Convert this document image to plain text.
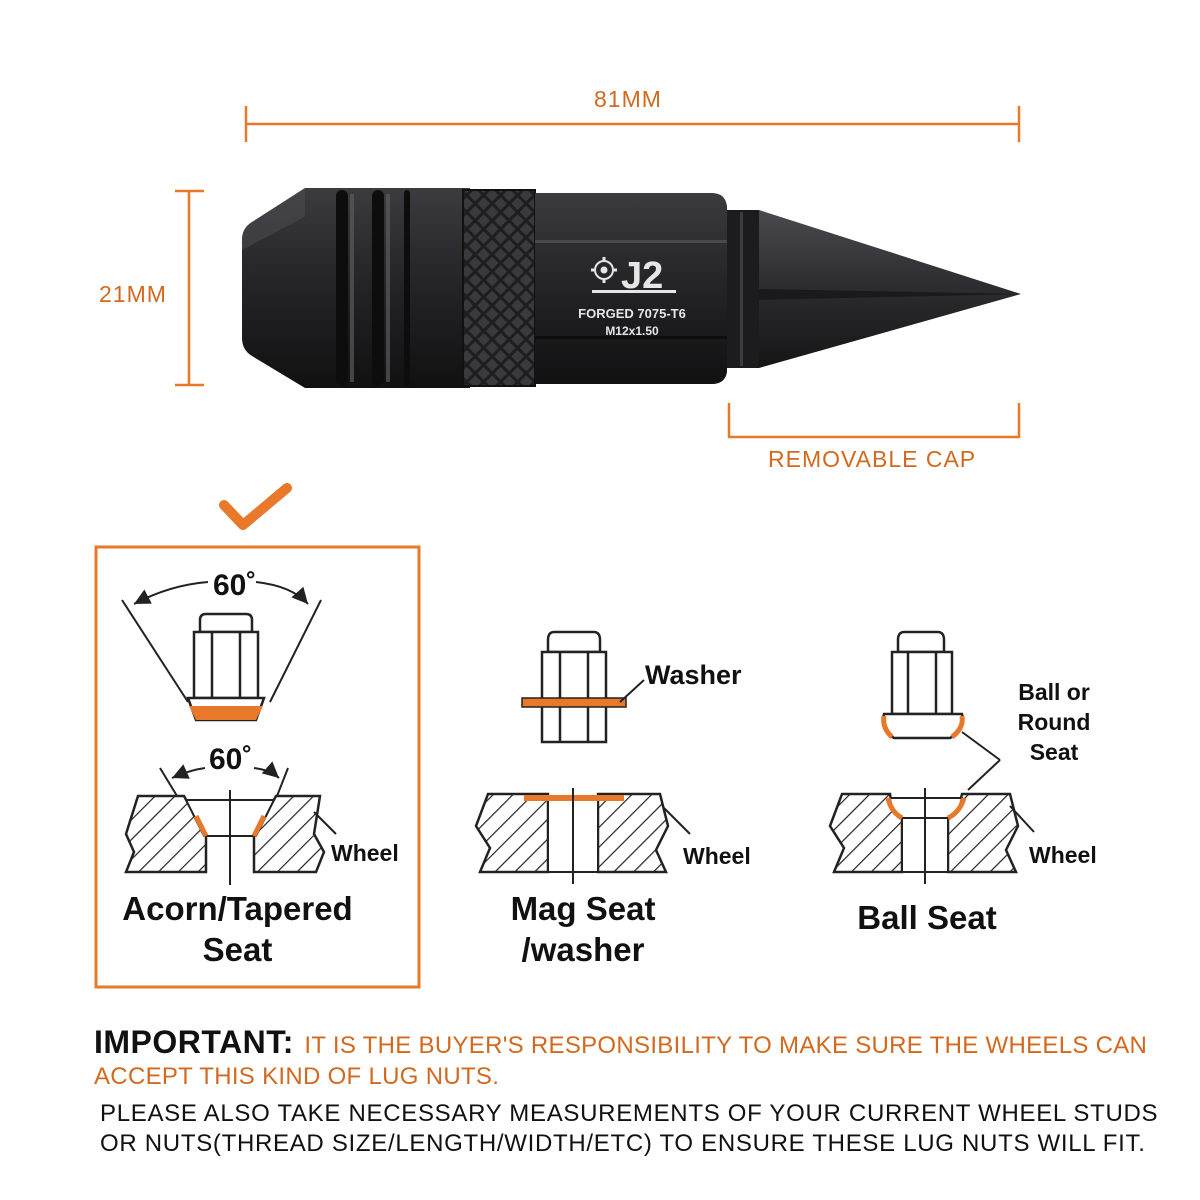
J2
FORGED 7075-T6
M12x1.50
81MM
21MM
REMOVABLE CAP
60˚
60˚
Wheel
Acorn/Tapered
Seat
Washer
Wheel
Mag Seat
/washer
Ball or
Round
Seat
Wheel
Ball Seat
IMPORTANT: IT IS THE BUYER'S RESPONSIBILITY TO MAKE SURE THE WHEELS CAN
ACCEPT THIS KIND OF LUG NUTS.
PLEASE ALSO TAKE NECESSARY MEASUREMENTS OF YOUR CURRENT WHEEL STUDS
OR NUTS(THREAD SIZE/LENGTH/WIDTH/ETC) TO ENSURE THESE LUG NUTS WILL FIT.
